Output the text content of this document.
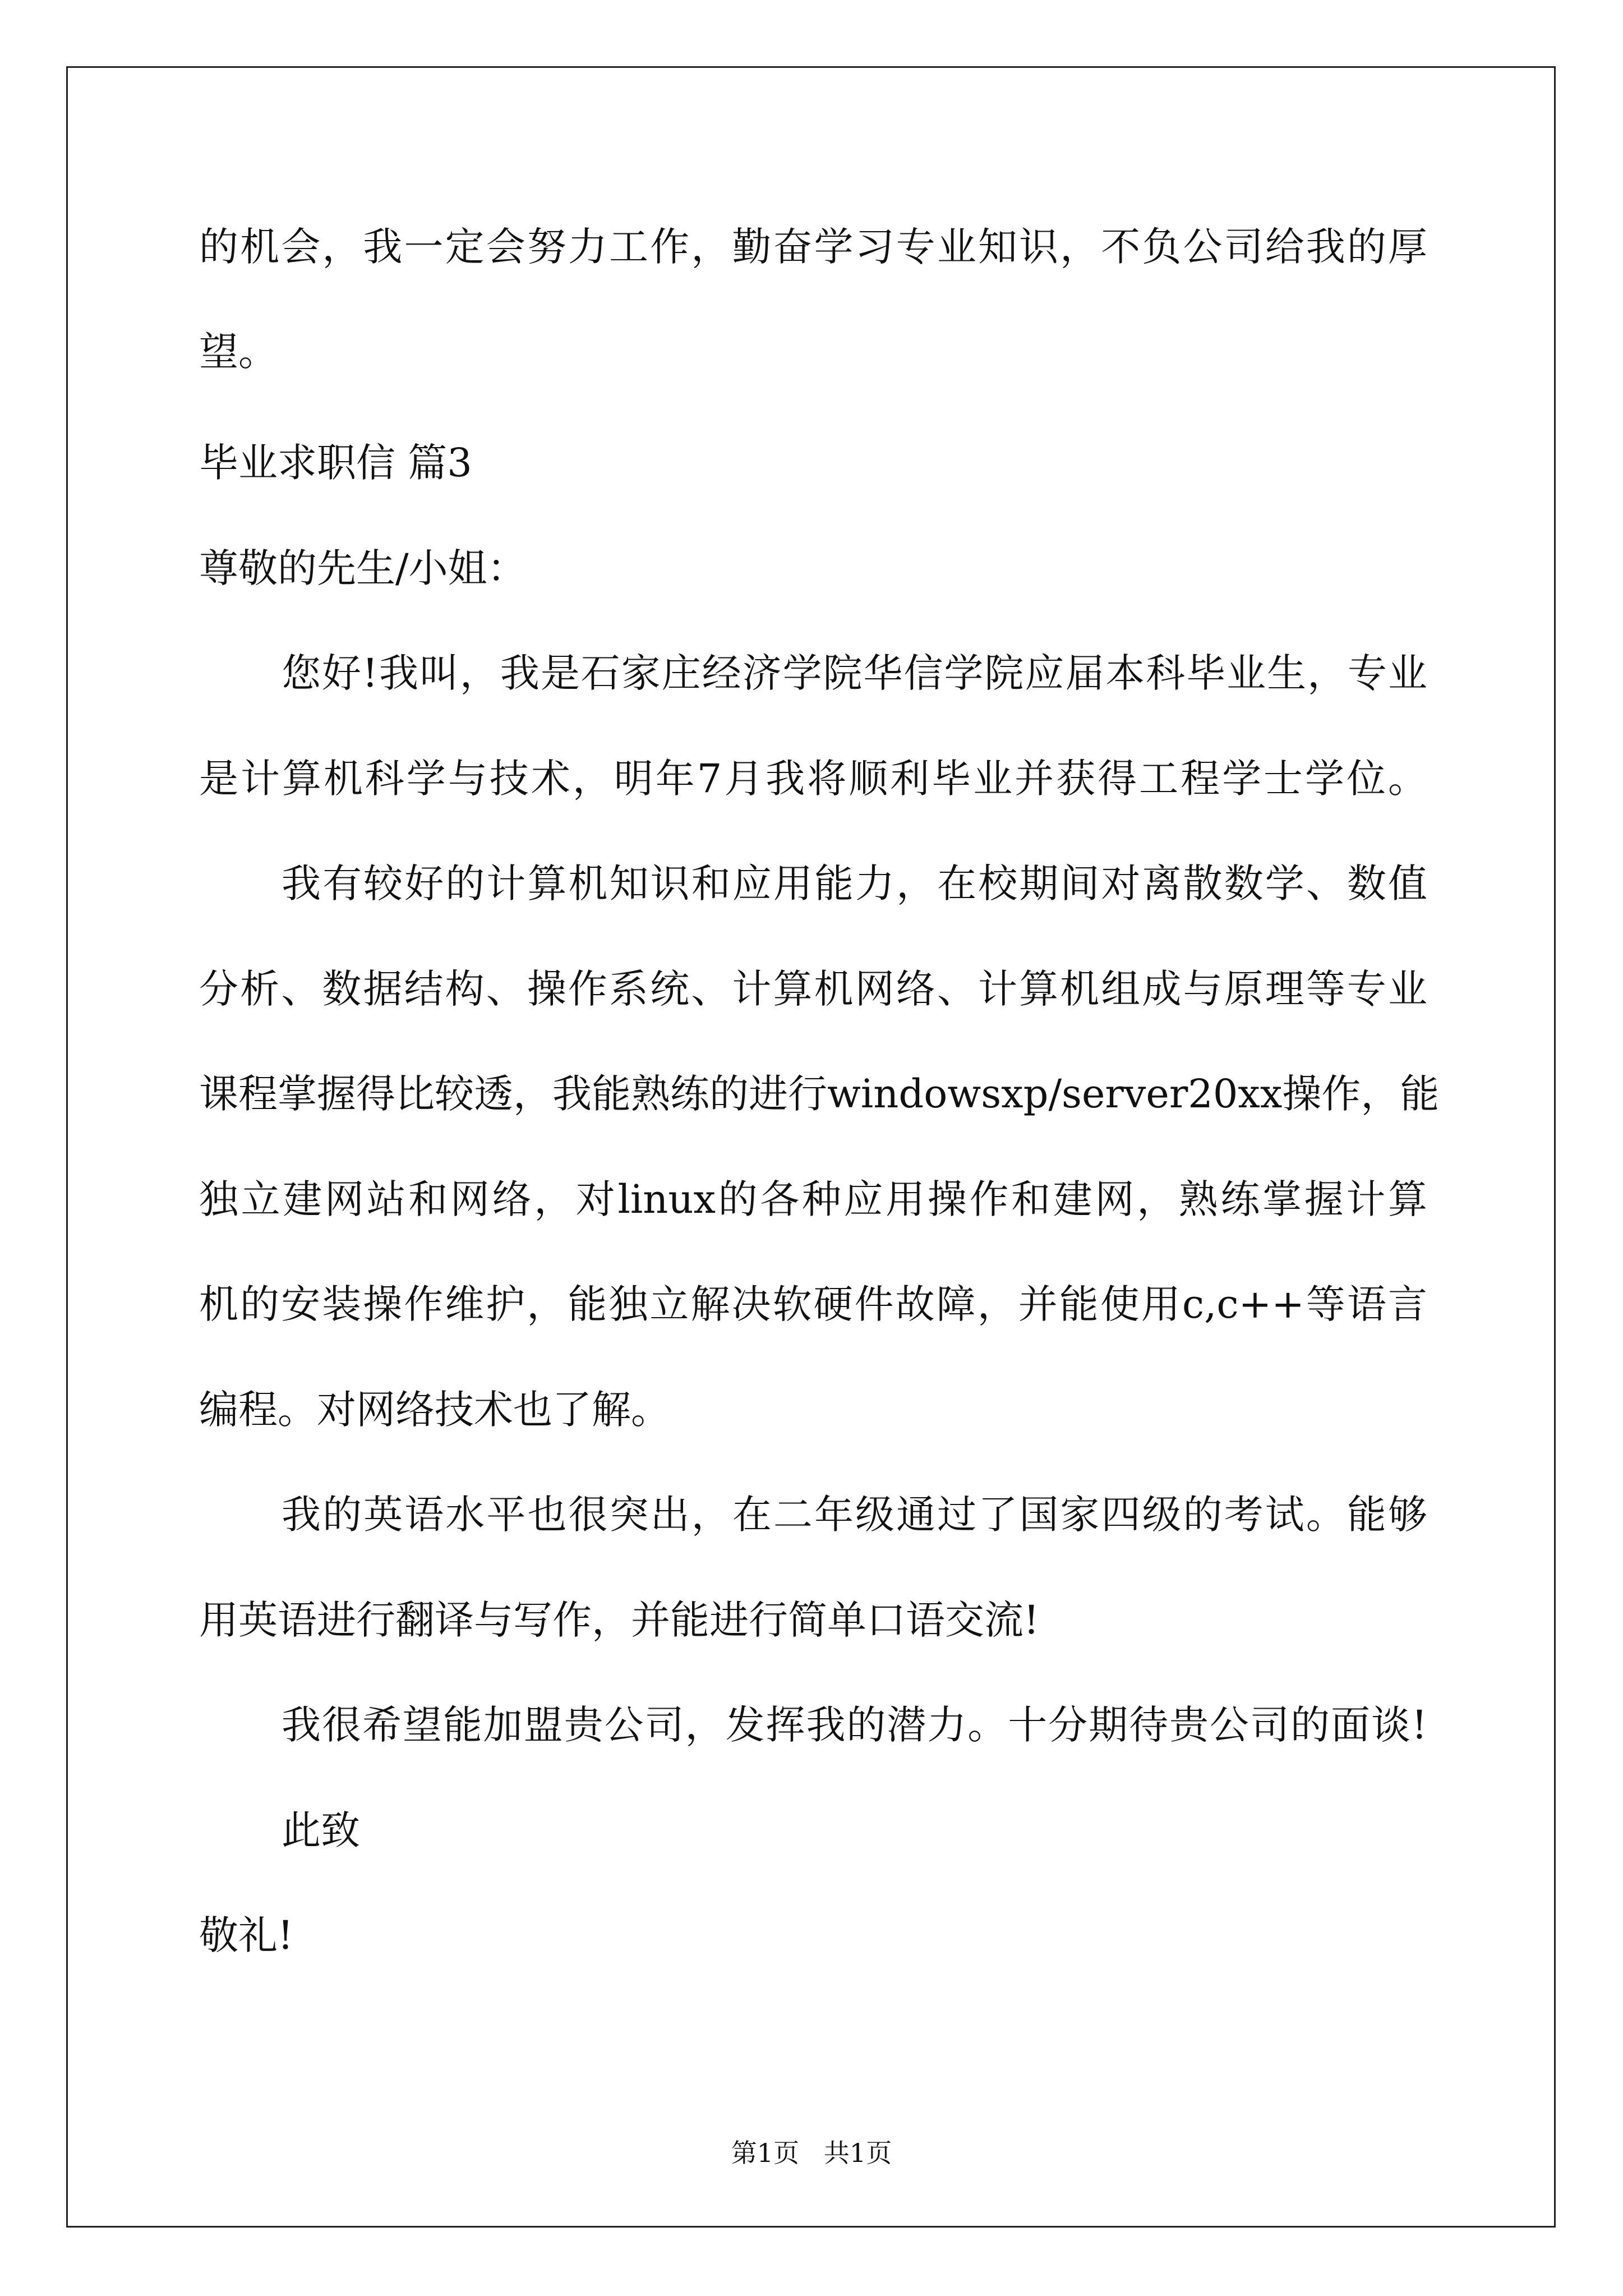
的机会，我一定会努力工作，勤奋学习专业知识，不负公司给我的厚
望。
毕业求职信 篇3
尊敬的先生/小姐：
您好!我叫，我是石家庄经济学院华信学院应届本科毕业生，专业
是计算机科学与技术，明年7月我将顺利毕业并获得工程学士学位。
我有较好的计算机知识和应用能力，在校期间对离散数学、数值
分析、数据结构、操作系统、计算机网络、计算机组成与原理等专业
课程掌握得比较透，我能熟练的进行windowsxp/server20xx操作，能
独立建网站和网络，对linux的各种应用操作和建网，熟练掌握计算
机的安装操作维护，能独立解决软硬件故障，并能使用c,c++等语言
编程。对网络技术也了解。
我的英语水平也很突出，在二年级通过了国家四级的考试。能够
用英语进行翻译与写作，并能进行简单口语交流!
我很希望能加盟贵公司，发挥我的潜力。十分期待贵公司的面谈!
此致
敬礼!
第1页   共1页
